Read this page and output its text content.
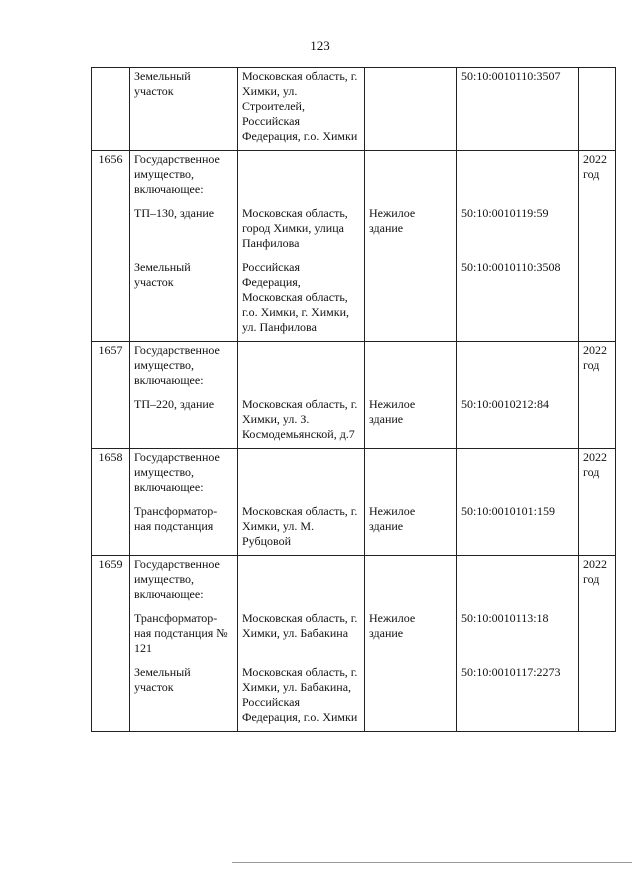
123
	Земельный участок	Московская область, г. Химки, ул. Строителей, Российская Федерация, г.о. Химки		50:10:0010110:3507	
1656	Государственное имущество, включающее:				2022 год
	ТП–130, здание	Московская область, город Химки, улица Панфилова	Нежилое здание	50:10:0010119:59	
	Земельный участок	Российская Федерация, Московская область, г.о. Химки, г. Химки, ул. Панфилова		50:10:0010110:3508	
1657	Государственное имущество, включающее:				2022 год
	ТП–220, здание	Московская область, г. Химки, ул. З. Космодемьянской, д.7	Нежилое здание	50:10:0010212:84	
1658	Государственное имущество, включающее:				2022 год
	Трансформатор-ная подстанция	Московская область, г. Химки, ул. М. Рубцовой	Нежилое здание	50:10:0010101:159	
1659	Государственное имущество, включающее:				2022 год
	Трансформатор-ная подстанция № 121	Московская область, г. Химки, ул. Бабакина	Нежилое здание	50:10:0010113:18	
	Земельный участок	Московская область, г. Химки, ул. Бабакина, Российская Федерация, г.о. Химки		50:10:0010117:2273	
